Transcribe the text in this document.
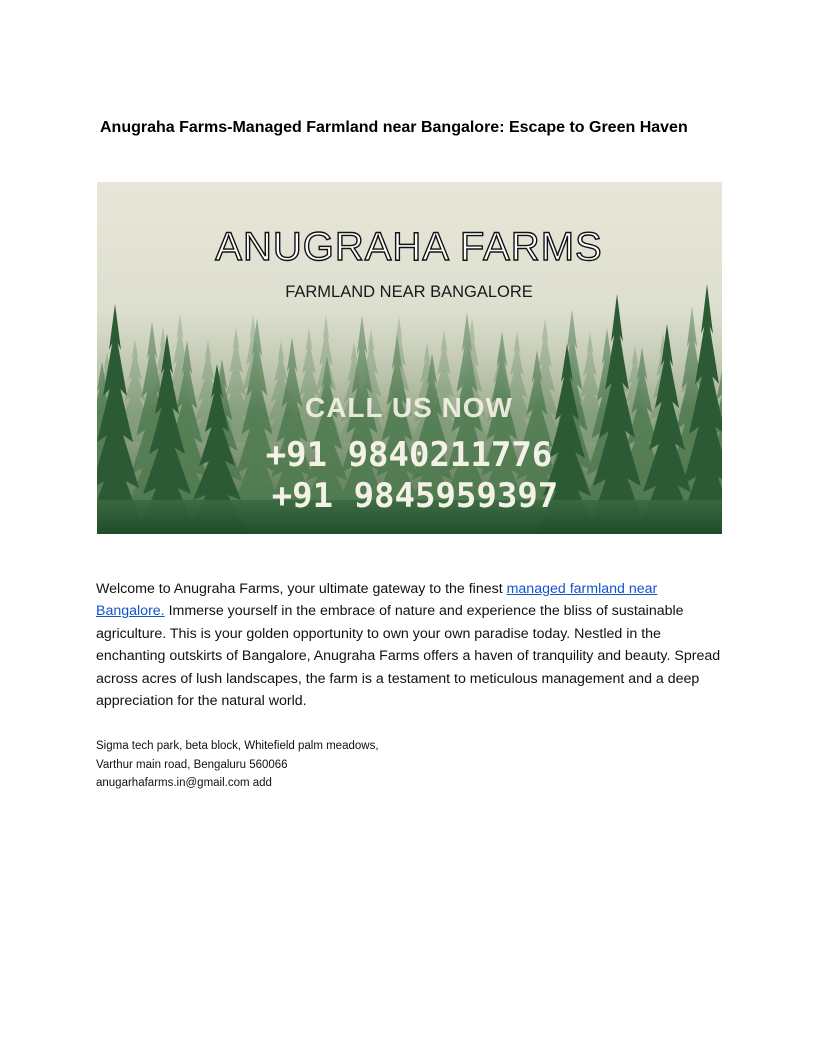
Anugraha Farms-Managed Farmland near Bangalore: Escape to Green Haven
ANUGRAHA FARMS
FARMLAND NEAR BANGALORE
CALL US NOW
+91 9840211776
+91 9845959397

Welcome to Anugraha Farms, your ultimate gateway to the finest managed farmland near Bangalore. Immerse yourself in the embrace of nature and experience the bliss of sustainable agriculture. This is your golden opportunity to own your own paradise today. Nestled in the enchanting outskirts of Bangalore, Anugraha Farms offers a haven of tranquility and beauty. Spread across acres of lush landscapes, the farm is a testament to meticulous management and a deep appreciation for the natural world.

Sigma tech park, beta block, Whitefield palm meadows,
Varthur main road, Bengaluru 560066
anugarhafarms.in@gmail.com add
